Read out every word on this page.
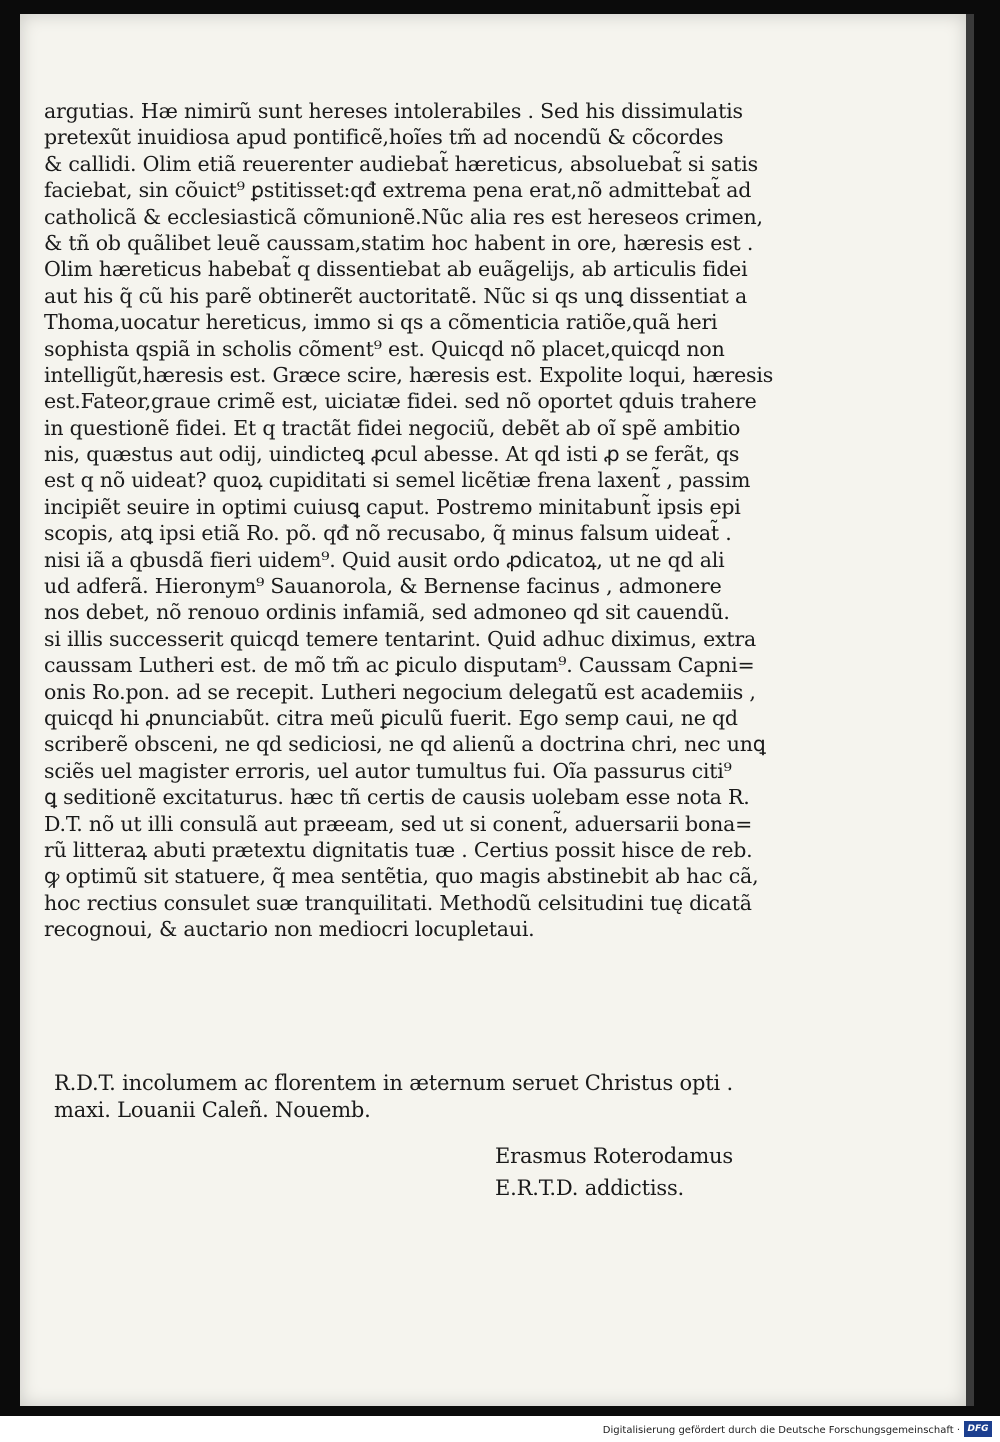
argutias. Hæ nimirũ sunt hereses intolerabiles . Sed his dissimulatis
pretexũt inuidiosa apud pontificẽ,hoĩes tm̃ ad nocendũ & cõcordes
& callidi. Olim etiã reuerenter audiebat̃ hæreticus, absoluebat̃ si satis
faciebat, sin cõuict⁹ ꝑstitisset:qđ extrema pena erat,nõ admittebat̃ ad
catholicã & ecclesiasticã cõmunionẽ.Nũc alia res est hereseos crimen,
& tñ ob quãlibet leuẽ caussam,statim hoc habent in ore, hæresis est .
Olim hæreticus habebat̃ q dissentiebat ab euãgelijs, ab articulis fidei
aut his q̃ cũ his parẽ obtinerẽt auctoritatẽ. Nũc si qs unꝗ dissentiat a
Thoma,uocatur hereticus, immo si qs a cõmenticia ratiõe,quã heri
sophista qspiã in scholis cõment⁹ est. Quicqd nõ placet,quicqd non
intelligũt,hæresis est. Græce scire, hæresis est. Expolite loqui, hæresis
est.Fateor,graue crimẽ est, uiciatæ fidei. sed nõ oportet qduis trahere
in questionẽ fidei. Et q tractãt fidei negociũ, debẽt ab oĩ spẽ ambitio
nis, quæstus aut odij, uindicteꝗ ꝓcul abesse. At qd isti ꝓ se ferãt, qs
est q nõ uideat? quoꝝ cupiditati si semel licẽtiæ frena laxent̃ , passim
incipiẽt seuire in optimi cuiusꝗ caput. Postremo minitabunt̃ ipsis epi
scopis, atꝗ ipsi etiã Ro. põ. qđ nõ recusabo, q̃ minus falsum uideat̃ .
nisi iã a qbusdã fieri uidem⁹. Quid ausit ordo ꝓdicatoꝝ, ut ne qd ali
ud adferã. Hieronym⁹ Sauanorola, & Bernense facinus , admonere
nos debet, nõ renouo ordinis infamiã, sed admoneo qd sit cauendũ.
si illis successerit quicqd temere tentarint. Quid adhuc diximus, extra
caussam Lutheri est. de mõ tm̃ ac ꝑiculo disputam⁹. Caussam Capni=
onis Ro.pon. ad se recepit. Lutheri negocium delegatũ est academiis ,
quicqd hi ꝓnunciabũt. citra meũ ꝑiculũ fuerit. Ego semp caui, ne qd
scriberẽ obsceni, ne qd sediciosi, ne qd alienũ a doctrina chri, nec unꝗ
sciẽs uel magister erroris, uel autor tumultus fui. Oĩa passurus citi⁹
ꝗ seditionẽ excitaturus. hæc tñ certis de causis uolebam esse nota R.
D.T. nõ ut illi consulã aut præeam, sed ut si conent̃, aduersarii bona=
rũ litteraꝝ abuti prætextu dignitatis tuæ . Certius possit hisce de reb.
ꝙ optimũ sit statuere, q̃ mea sentẽtia, quo magis abstinebit ab hac cã,
hoc rectius consulet suæ tranquilitati. Methodũ celsitudini tuę dicatã
recognoui, & auctario non mediocri locupletaui.
R.D.T. incolumem ac florentem in æternum seruet Christus opti .
maxi. Louanii Caleñ. Nouemb.
Erasmus Roterodamus
E.R.T.D. addictiss.
Digitalisierung gefördert durch die Deutsche Forschungsgemeinschaft · DFG
